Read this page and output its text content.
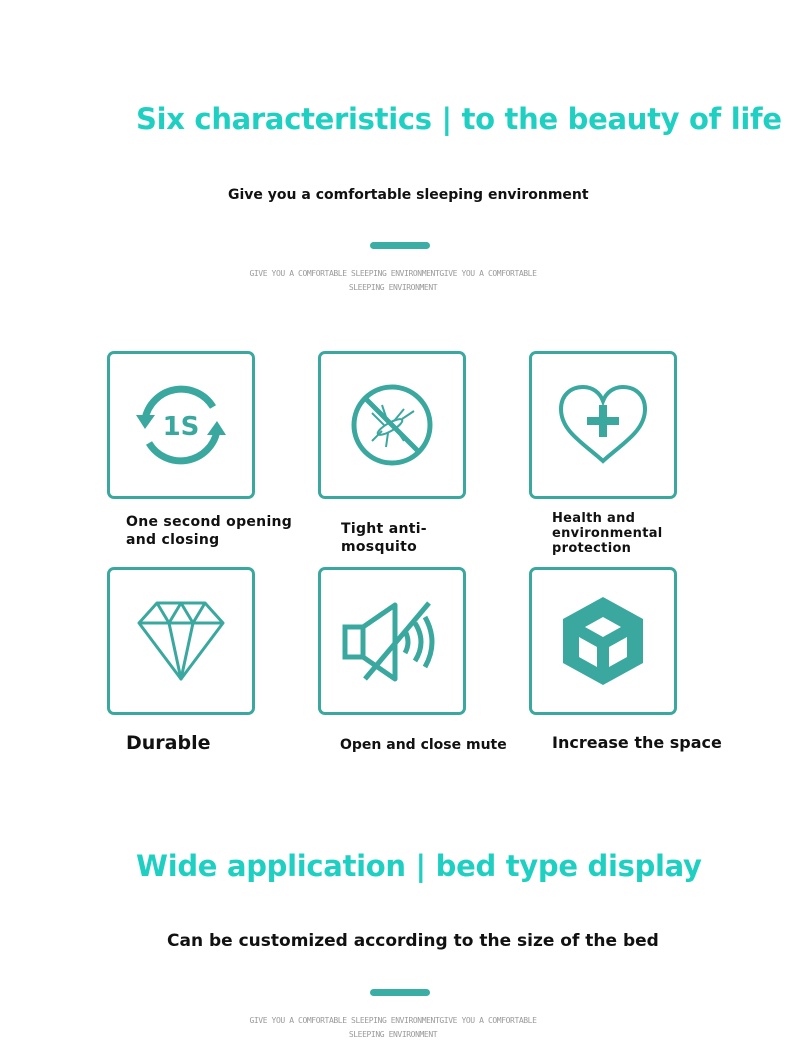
Six characteristics | to the beauty of life
Give you a comfortable sleeping environment
GIVE YOU A COMFORTABLE SLEEPING ENVIRONMENTGIVE YOU A COMFORTABLE SLEEPING ENVIRONMENT
1S
One second opening and closing
Tight anti-mosquito
Health and environmental protection
Durable	Open and close mute	Increase the space
Wide application | bed type display
Can be customized according to the size of the bed
GIVE YOU A COMFORTABLE SLEEPING ENVIRONMENTGIVE YOU A COMFORTABLE SLEEPING ENVIRONMENT
